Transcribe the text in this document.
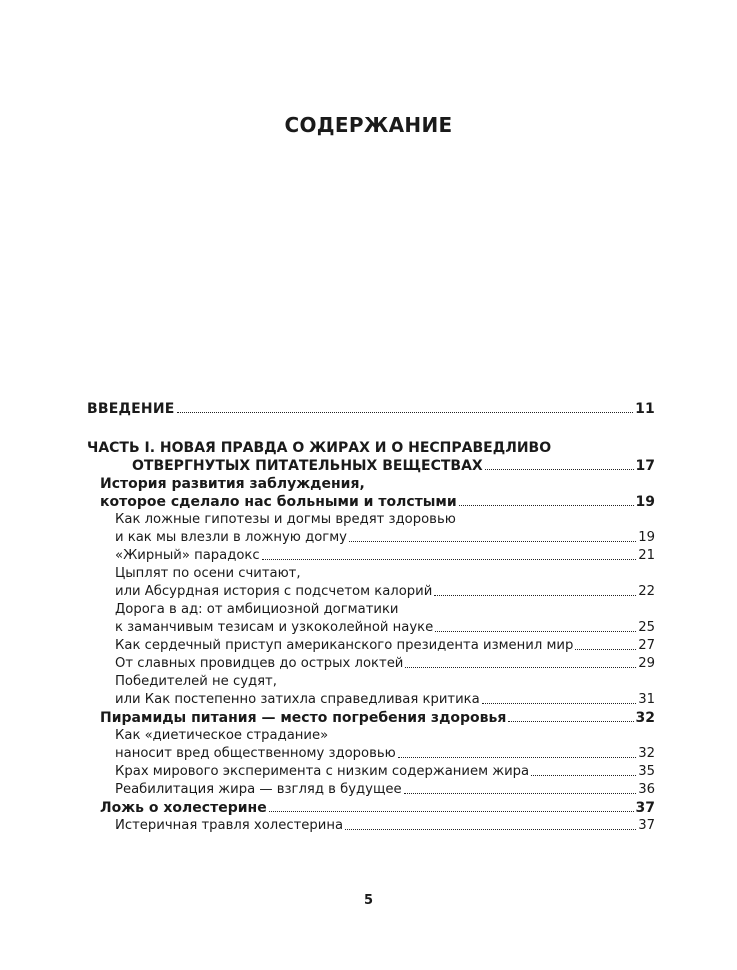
СОДЕРЖАНИЕ
ВВЕДЕНИЕ	11
ЧАСТЬ I. НОВАЯ ПРАВДА О ЖИРАХ И О НЕСПРАВЕДЛИВО
ОТВЕРГНУТЫХ ПИТАТЕЛЬНЫХ ВЕЩЕСТВАХ	17
История развития заблуждения,
которое сделало нас больными и толстыми	19
Как ложные гипотезы и догмы вредят здоровью
и как мы влезли в ложную догму	19
«Жирный» парадокс	21
Цыплят по осени считают,
или Абсурдная история с подсчетом калорий	22
Дорога в ад: от амбициозной догматики
к заманчивым тезисам и узкоколейной науке	25
Как сердечный приступ американского президента изменил мир	27
От славных провидцев до острых локтей	29
Победителей не судят,
или Как постепенно затихла справедливая критика	31
Пирамиды питания — место погребения здоровья	32
Как «диетическое страдание»
наносит вред общественному здоровью	32
Крах мирового эксперимента с низким содержанием жира	35
Реабилитация жира — взгляд в будущее	36
Ложь о холестерине	37
Истеричная травля холестерина	37
5
